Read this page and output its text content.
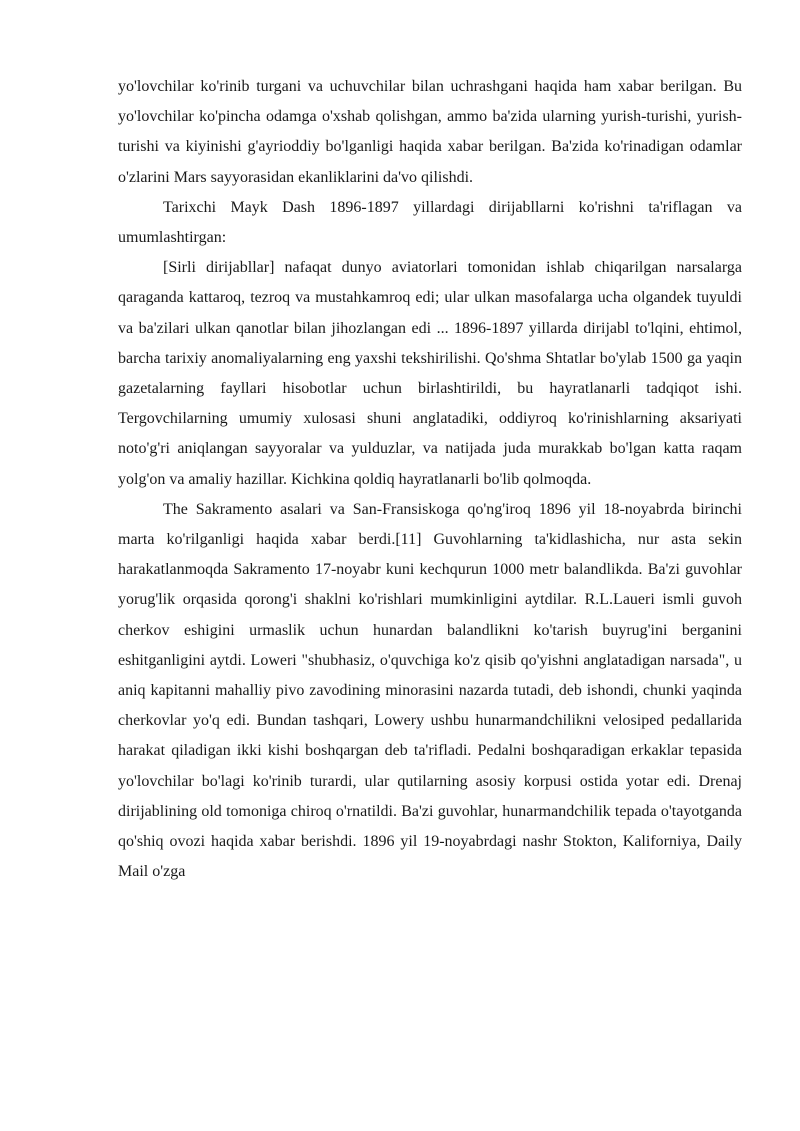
yo'lovchilar ko'rinib turgani va uchuvchilar bilan uchrashgani haqida ham xabar berilgan. Bu yo'lovchilar ko'pincha odamga o'xshab qolishgan, ammo ba'zida ularning yurish-turishi, yurish-turishi va kiyinishi g'ayrioddiy bo'lganligi haqida xabar berilgan. Ba'zida ko'rinadigan odamlar o'zlarini Mars sayyorasidan ekanliklarini da'vo qilishdi.

Tarixchi Mayk Dash 1896-1897 yillardagi dirijabllarni ko'rishni ta'riflagan va umumlashtirgan:

[Sirli dirijabllar] nafaqat dunyo aviatorlari tomonidan ishlab chiqarilgan narsalarga qaraganda kattaroq, tezroq va mustahkamroq edi; ular ulkan masofalarga ucha olgandek tuyuldi va ba'zilari ulkan qanotlar bilan jihozlangan edi ... 1896-1897 yillarda dirijabl to'lqini, ehtimol, barcha tarixiy anomaliyalarning eng yaxshi tekshirilishi. Qo'shma Shtatlar bo'ylab 1500 ga yaqin gazetalarning fayllari hisobotlar uchun birlashtirildi, bu hayratlanarli tadqiqot ishi. Tergovchilarning umumiy xulosasi shuni anglatadiki, oddiyroq ko'rinishlarning aksariyati noto'g'ri aniqlangan sayyoralar va yulduzlar, va natijada juda murakkab bo'lgan katta raqam yolg'on va amaliy hazillar. Kichkina qoldiq hayratlanarli bo'lib qolmoqda.

The Sakramento asalari va San-Fransiskoga qo'ng'iroq 1896 yil 18-noyabrda birinchi marta ko'rilganligi haqida xabar berdi.[11] Guvohlarning ta'kidlashicha, nur asta sekin harakatlanmoqda Sakramento 17-noyabr kuni kechqurun 1000 metr balandlikda. Ba'zi guvohlar yorug'lik orqasida qorong'i shaklni ko'rishlari mumkinligini aytdilar. R.L.Laueri ismli guvoh cherkov eshigini urmaslik uchun hunardan balandlikni ko'tarish buyrug'ini berganini eshitganligini aytdi. Loweri "shubhasiz, o'quvchiga ko'z qisib qo'yishni anglatadigan narsada", u aniq kapitanni mahalliy pivo zavodining minorasini nazarda tutadi, deb ishondi, chunki yaqinda cherkovlar yo'q edi. Bundan tashqari, Lowery ushbu hunarmandchilikni velosiped pedallarida harakat qiladigan ikki kishi boshqargan deb ta'rifladi. Pedalni boshqaradigan erkaklar tepasida yo'lovchilar bo'lagi ko'rinib turardi, ular qutilarning asosiy korpusi ostida yotar edi. Drenaj dirijablining old tomoniga chiroq o'rnatildi. Ba'zi guvohlar, hunarmandchilik tepada o'tayotganda qo'shiq ovozi haqida xabar berishdi. 1896 yil 19-noyabrdagi nashr Stokton, Kaliforniya, Daily Mail o'zga
